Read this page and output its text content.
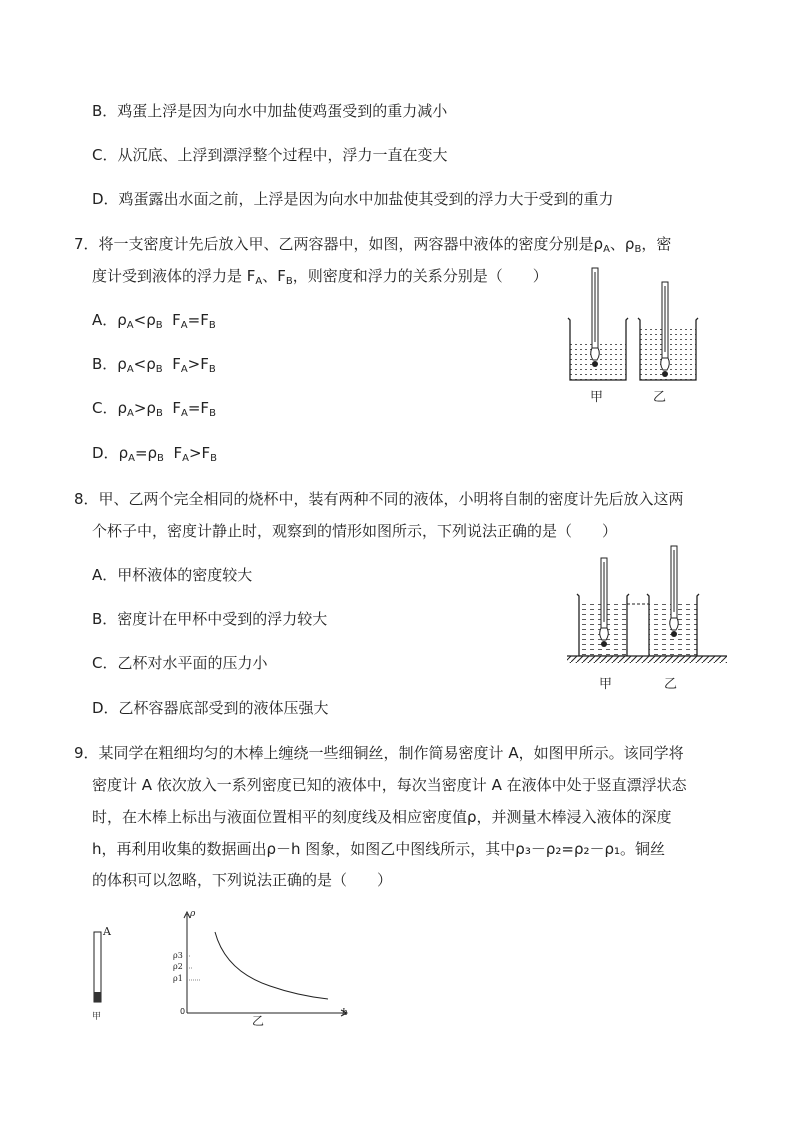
B．鸡蛋上浮是因为向水中加盐使鸡蛋受到的重力减小
C．从沉底、上浮到漂浮整个过程中，浮力一直在变大
D．鸡蛋露出水面之前，上浮是因为向水中加盐使其受到的浮力大于受到的重力
7．将一支密度计先后放入甲、乙两容器中，如图，两容器中液体的密度分别是$\rho_A$、$\rho_B$，密
度计受到液体的浮力是 $F_A$、$F_B$，则密度和浮力的关系分别是（　　）
A．$\rho_A<\rho_B$ $F_A=F_B$
B．$\rho_A<\rho_B$ $F_A>F_B$
C．$\rho_A>\rho_B$ $F_A=F_B$
D．$\rho_A=\rho_B$ $F_A>F_B$
甲	乙
8．甲、乙两个完全相同的烧杯中，装有两种不同的液体，小明将自制的密度计先后放入这两
个杯子中，密度计静止时，观察到的情形如图所示，下列说法正确的是（　　）
A．甲杯液体的密度较大
B．密度计在甲杯中受到的浮力较大
C．乙杯对水平面的压力小
D．乙杯容器底部受到的液体压强大
甲	乙
9．某同学在粗细均匀的木棒上缠绕一些细铜丝，制作简易密度计 A，如图甲所示。该同学将
密度计 A 依次放入一系列密度已知的液体中，每次当密度计 A 在液体中处于竖直漂浮状态
时，在木棒上标出与液面位置相平的刻度线及相应密度值ρ，并测量木棒浸入液体的深度
h，再利用收集的数据画出ρ－h 图象，如图乙中图线所示，其中ρ₃－ρ₂=ρ₂－ρ₁。铜丝
的体积可以忽略，下列说法正确的是（　　）
A
甲
ρ
ρ3
ρ2
ρ1
0
乙
h
